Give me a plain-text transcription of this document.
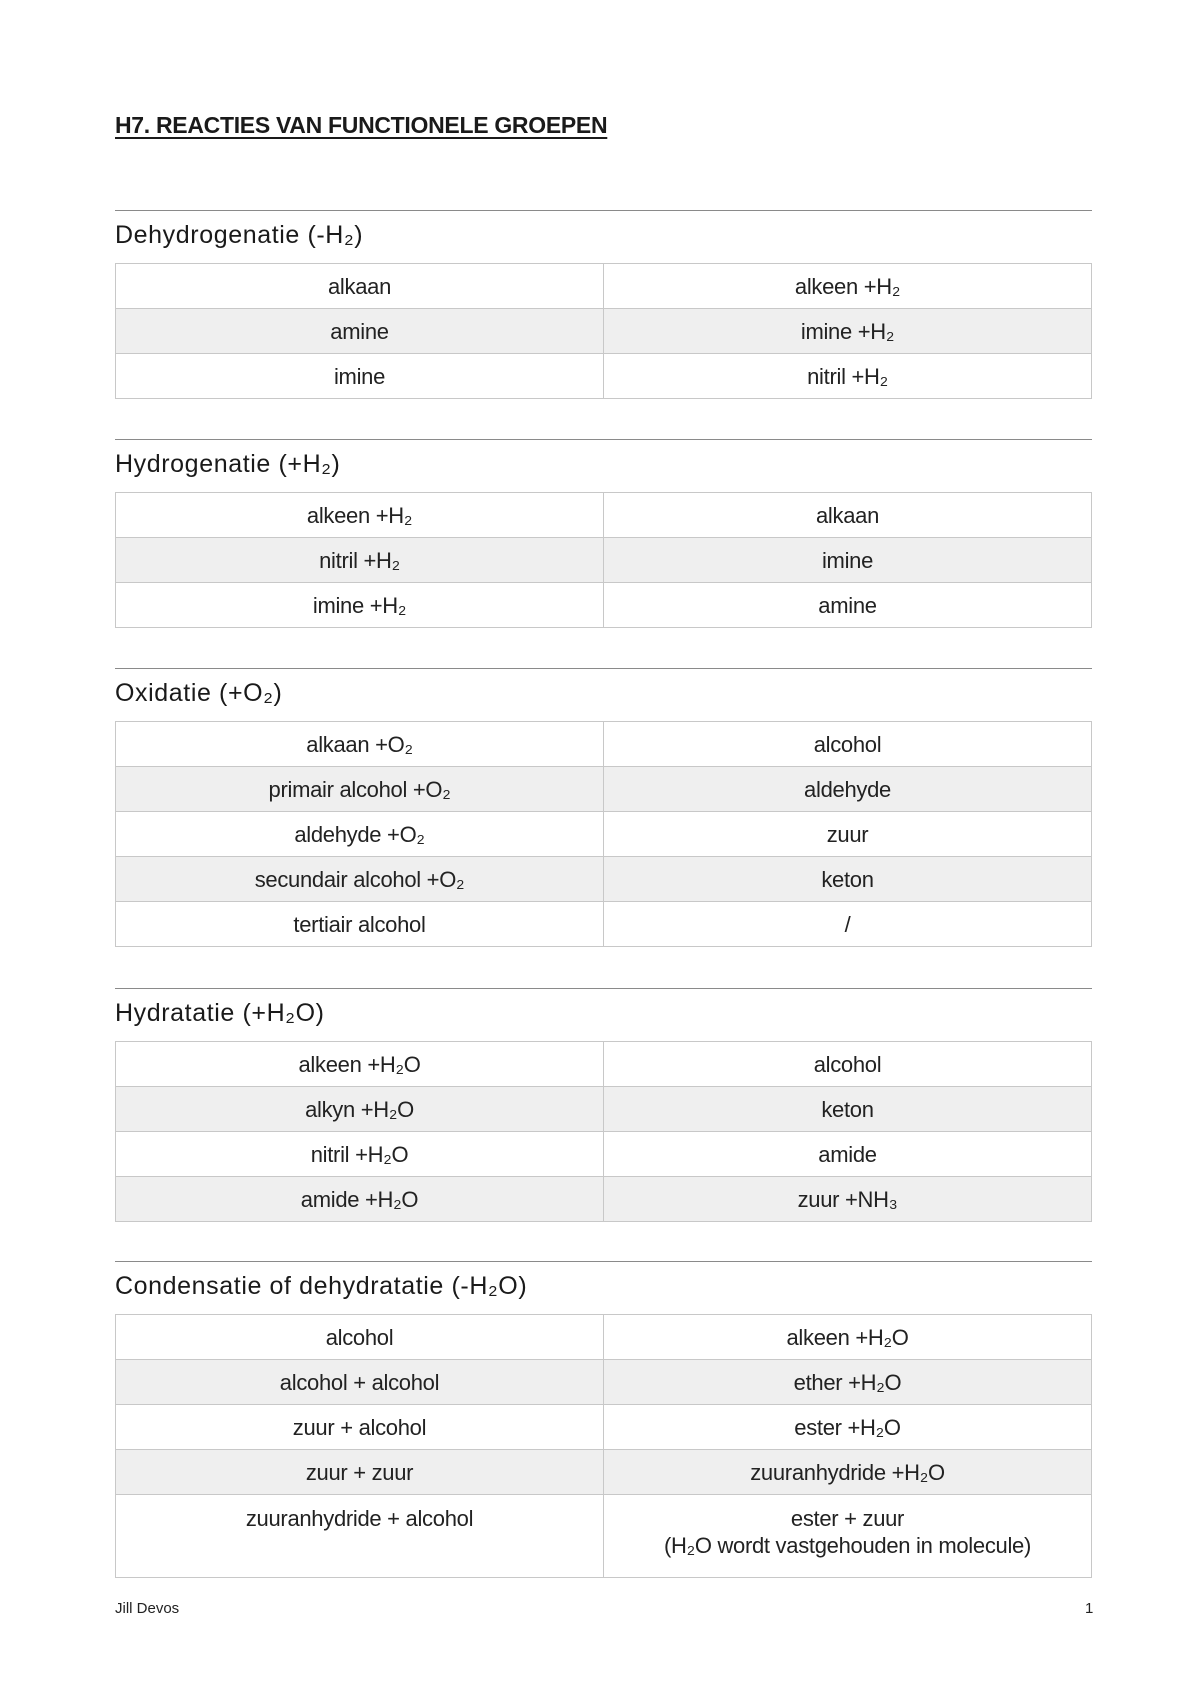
H7. REACTIES VAN FUNCTIONELE GROEPEN
Dehydrogenatie (-H₂)
alkaan	alkeen +H₂
amine	imine +H₂
imine	nitril +H₂
Hydrogenatie (+H₂)
alkeen +H₂	alkaan
nitril +H₂	imine
imine +H₂	amine
Oxidatie (+O₂)
alkaan +O₂	alcohol
primair alcohol +O₂	aldehyde
aldehyde +O₂	zuur
secundair alcohol +O₂	keton
tertiair alcohol	/
Hydratatie (+H₂O)
alkeen +H₂O	alcohol
alkyn +H₂O	keton
nitril +H₂O	amide
amide +H₂O	zuur +NH₃
Condensatie of dehydratatie (-H₂O)
alcohol	alkeen +H₂O
alcohol + alcohol	ether +H₂O
zuur + alcohol	ester +H₂O
zuur + zuur	zuuranhydride +H₂O
zuuranhydride + alcohol	ester + zuur
(H₂O wordt vastgehouden in molecule)
Jill Devos	1
